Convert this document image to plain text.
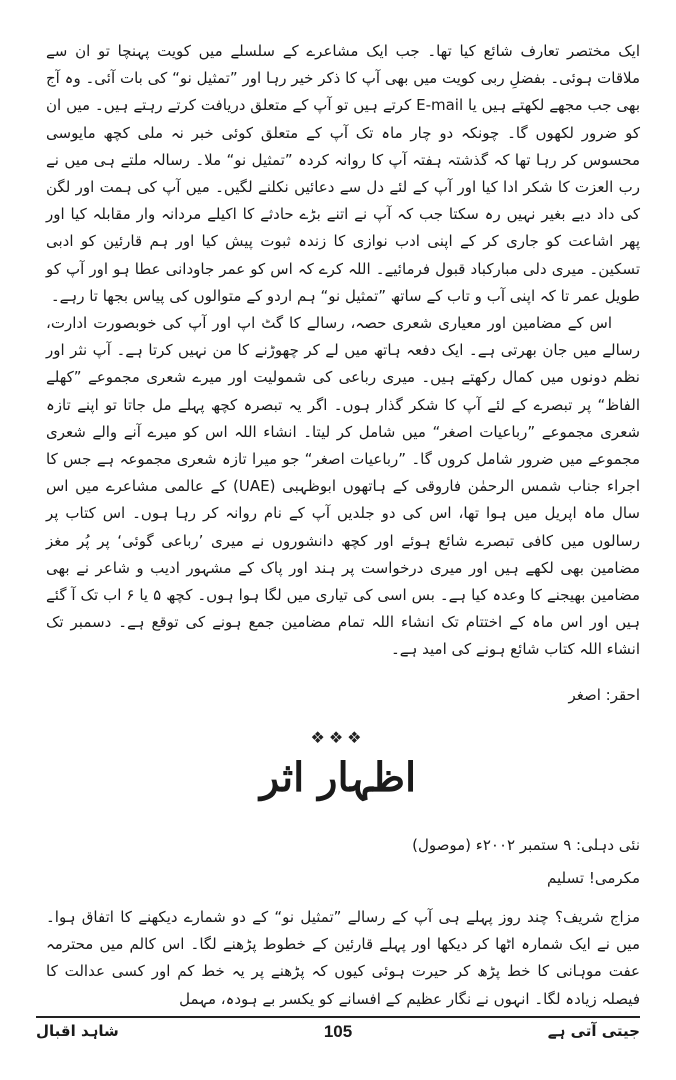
ایک مختصر تعارف شائع کیا تھا۔ جب ایک مشاعرے کے سلسلے میں کویت پہنچا تو ان سے ملاقات ہوئی۔ بفضلِ ربی کویت میں بھی آپ کا ذکر خیر رہا اور ”تمثیل نو“ کی بات آئی۔ وہ آج بھی جب مجھے لکھتے ہیں یا E-mail کرتے ہیں تو آپ کے متعلق دریافت کرتے رہتے ہیں۔ میں ان کو ضرور لکھوں گا۔ چونکہ دو چار ماہ تک آپ کے متعلق کوئی خبر نہ ملی کچھ مایوسی محسوس کر رہا تھا کہ گذشتہ ہفتہ آپ کا روانہ کردہ ”تمثیل نو“ ملا۔ رسالہ ملتے ہی میں نے رب العزت کا شکر ادا کیا اور آپ کے لئے دل سے دعائیں نکلنے لگیں۔ میں آپ کی ہمت اور لگن کی داد دیے بغیر نہیں رہ سکتا جب کہ آپ نے اتنے بڑے حادثے کا اکیلے مردانہ وار مقابلہ کیا اور پھر اشاعت کو جاری کر کے اپنی ادب نوازی کا زندہ ثبوت پیش کیا اور ہم قارئین کو ادبی تسکین۔ میری دلی مبارکباد قبول فرمائیے۔ اللہ کرے کہ اس کو عمر جاودانی عطا ہو اور آپ کو طویل عمر تا کہ اپنی آب و تاب کے ساتھ ”تمثیل نو“ ہم اردو کے متوالوں کی پیاس بجھا تا رہے۔

اس کے مضامین اور معیاری شعری حصہ، رسالے کا گٹ اپ اور آپ کی خوبصورت ادارت، رسالے میں جان بھرتی ہے۔ ایک دفعہ ہاتھ میں لے کر چھوڑنے کا من نہیں کرتا ہے۔ آپ نثر اور نظم دونوں میں کمال رکھتے ہیں۔ میری رباعی کی شمولیت اور میرے شعری مجموعے ”کھلے الفاظ“ پر تبصرے کے لئے آپ کا شکر گذار ہوں۔ اگر یہ تبصرہ کچھ پہلے مل جاتا تو اپنے تازہ شعری مجموعے ”رباعیات اصغر“ میں شامل کر لیتا۔ انشاء اللہ اس کو میرے آنے والے شعری مجموعے میں ضرور شامل کروں گا۔ ”رباعیات اصغر“ جو میرا تازہ شعری مجموعہ ہے جس کا اجراء جناب شمس الرحمٰن فاروقی کے ہاتھوں ابوظہبی (UAE) کے عالمی مشاعرے میں اس سال ماہ اپریل میں ہوا تھا، اس کی دو جلدیں آپ کے نام روانہ کر رہا ہوں۔ اس کتاب پر رسالوں میں کافی تبصرے شائع ہوئے اور کچھ دانشوروں نے میری ’رباعی گوئی‘ پر پُر مغز مضامین بھی لکھے ہیں اور میری درخواست پر ہند اور پاک کے مشہور ادیب و شاعر نے بھی مضامین بھیجنے کا وعدہ کیا ہے۔ بس اسی کی تیاری میں لگا ہوا ہوں۔ کچھ ۵ یا ۶ اب تک آ گئے ہیں اور اس ماہ کے اختتام تک انشاء اللہ تمام مضامین جمع ہونے کی توقع ہے۔ دسمبر تک انشاء اللہ کتاب شائع ہونے کی امید ہے۔

احقر: اصغر
❖❖❖
اظہار اثر
نئی دہلی: ۹ ستمبر ۲۰۰۲ء (موصول)
مکرمی! تسلیم

مزاج شریف؟ چند روز پہلے ہی آپ کے رسالے ”تمثیل نو“ کے دو شمارے دیکھنے کا اتفاق ہوا۔ میں نے ایک شمارہ اٹھا کر دیکھا اور پہلے قارئین کے خطوط پڑھنے لگا۔ اس کالم میں محترمہ عفت موہانی کا خط پڑھ کر حیرت ہوئی کیوں کہ پڑھنے پر یہ خط کم اور کسی عدالت کا فیصلہ زیادہ لگا۔ انہوں نے نگار عظیم کے افسانے کو یکسر بے ہودہ، مہمل

شاہد اقبال	105	جیتی آتی ہے
